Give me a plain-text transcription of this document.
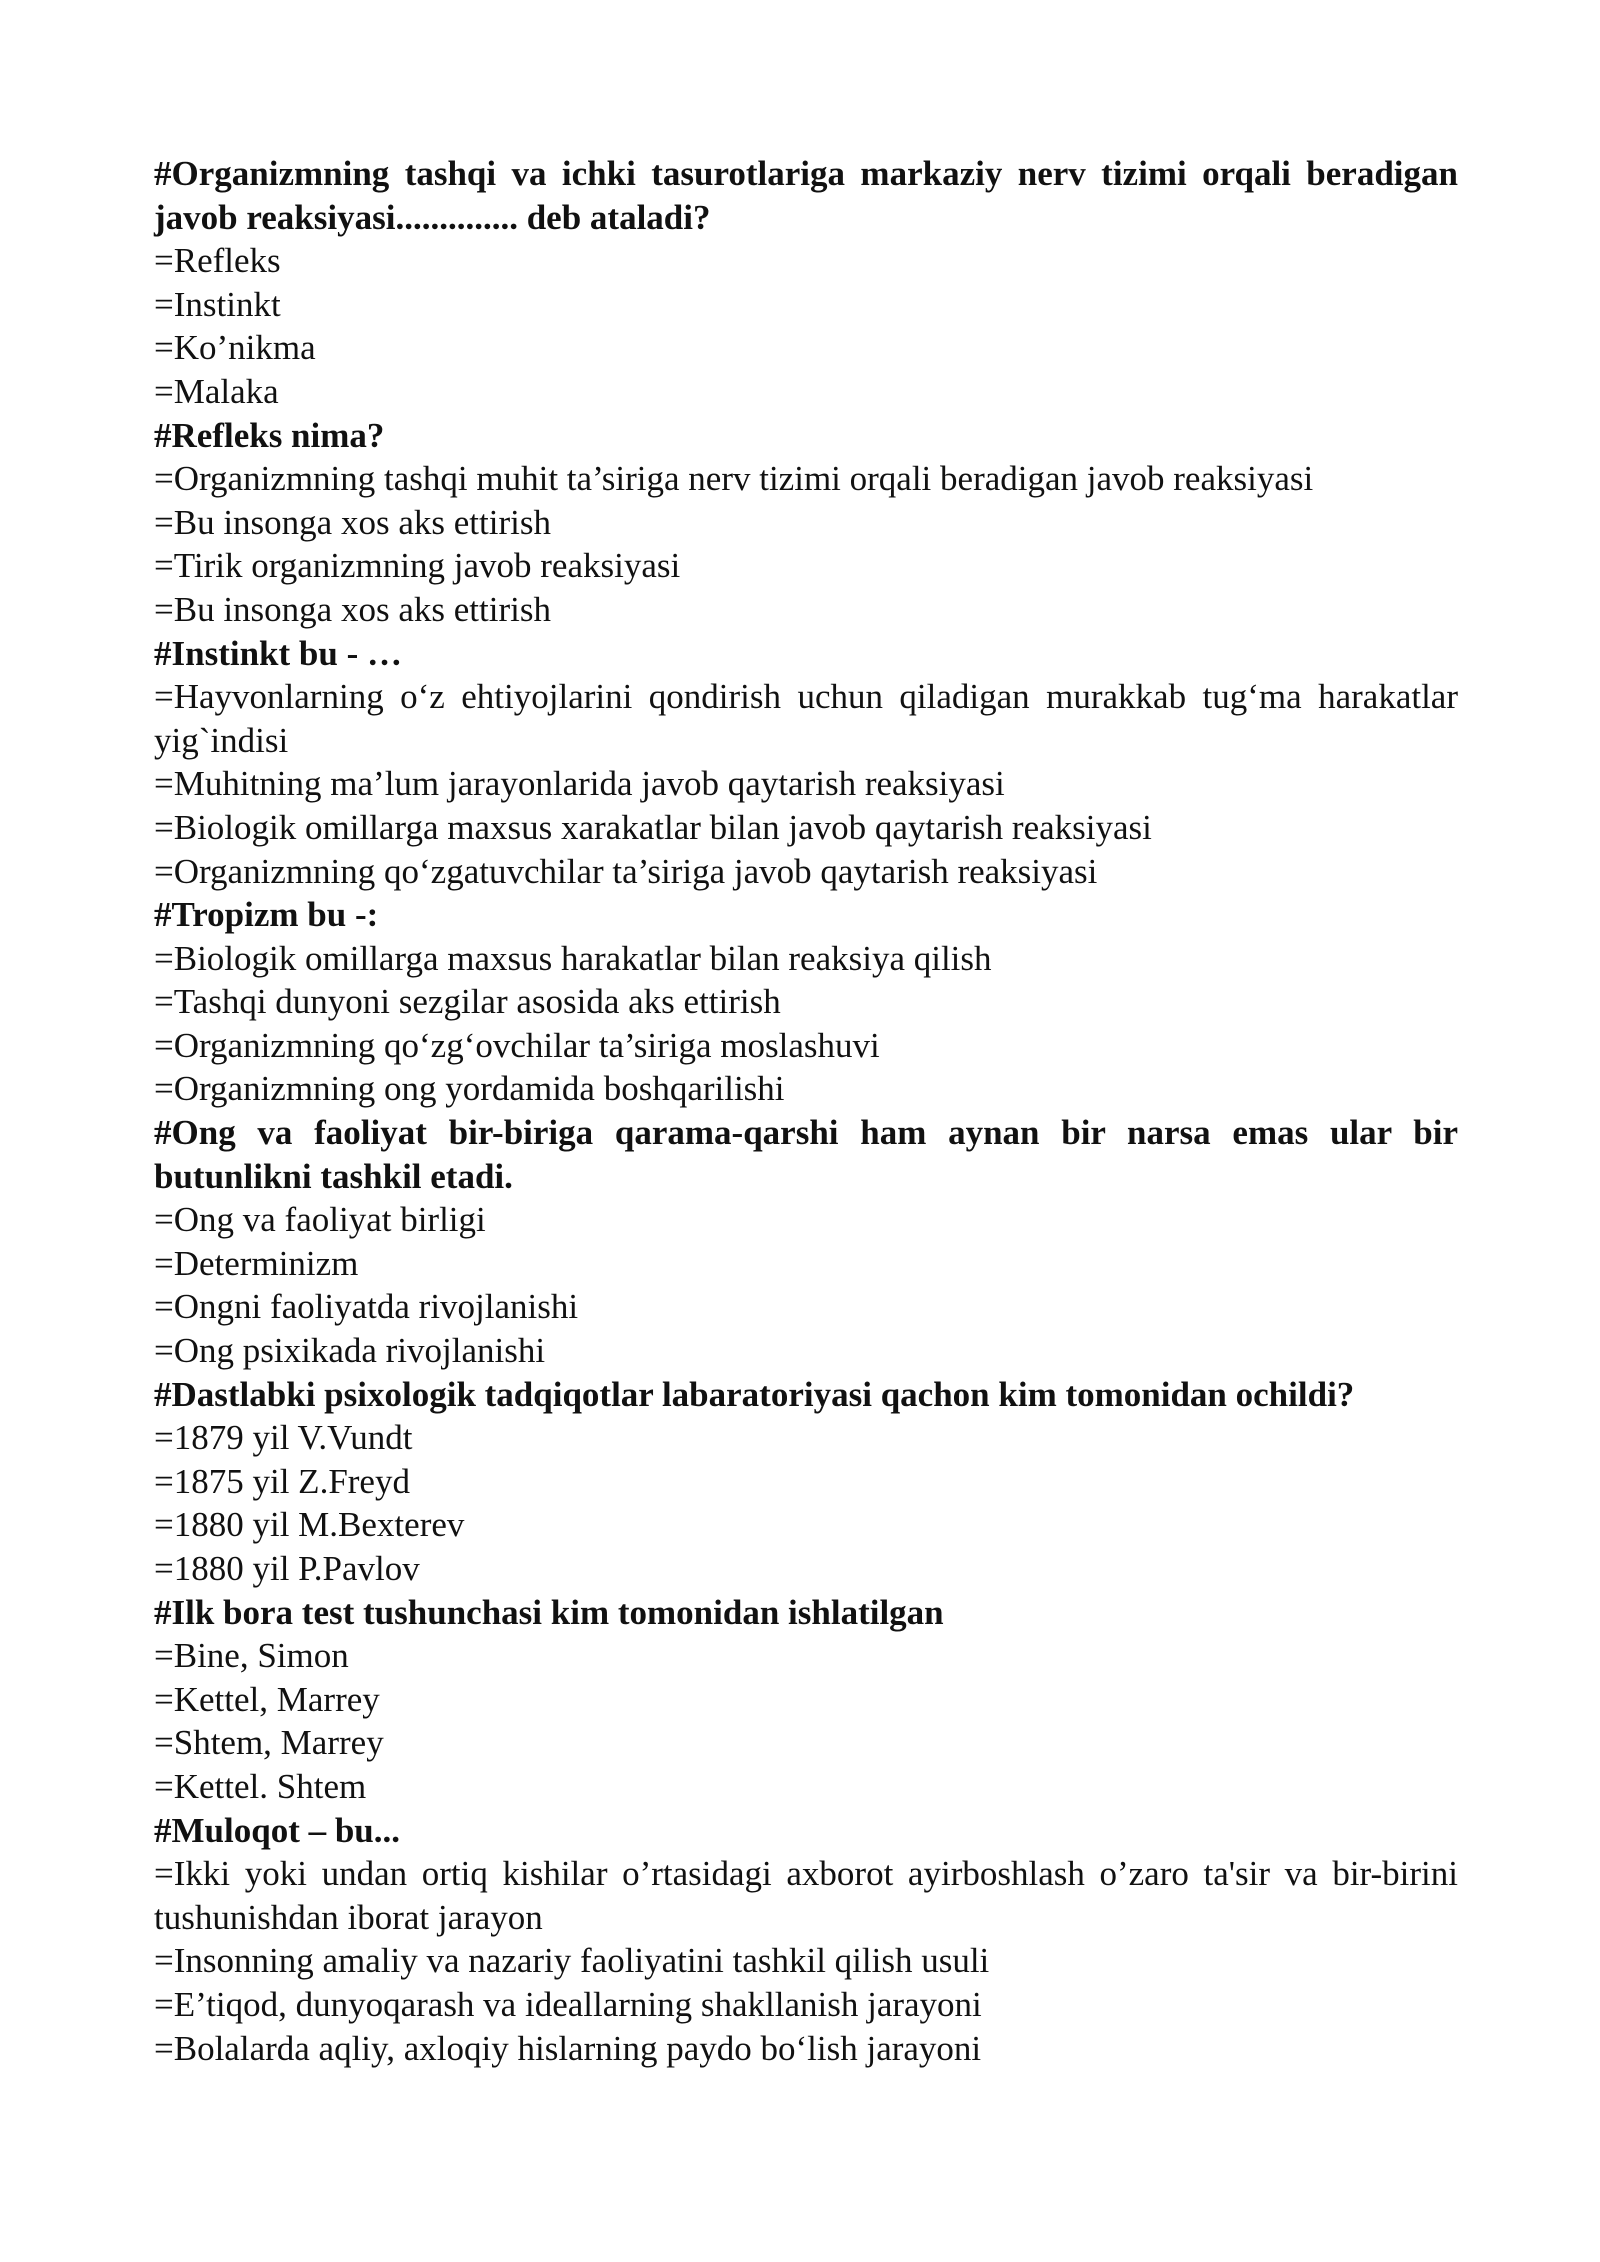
#Organizmning tashqi va ichki tasurotlariga markaziy nerv tizimi orqali beradigan javob reaksiyasi.............. deb ataladi?
=Refleks
=Instinkt
=Ko’nikma
=Malaka
#Refleks nima?
=Organizmning tashqi muhit ta’siriga nerv tizimi orqali beradigan javob reaksiyasi
=Bu insonga xos aks ettirish
=Tirik organizmning javob reaksiyasi
=Bu insonga xos aks ettirish
#Instinkt bu - …
=Hayvonlarning o‘z ehtiyojlarini qondirish uchun qiladigan murakkab tug‘ma harakatlar yig`indisi
=Muhitning ma’lum jarayonlarida javob qaytarish reaksiyasi
=Biologik omillarga maxsus xarakatlar bilan javob qaytarish reaksiyasi
=Organizmning qo‘zgatuvchilar ta’siriga javob qaytarish reaksiyasi
#Tropizm bu -:
=Biologik omillarga maxsus harakatlar bilan reaksiya qilish
=Tashqi dunyoni sezgilar asosida aks ettirish
=Organizmning qo‘zg‘ovchilar ta’siriga moslashuvi
=Organizmning ong yordamida boshqarilishi
#Ong va faoliyat bir-biriga qarama-qarshi ham aynan bir narsa emas ular bir butunlikni tashkil etadi.
=Ong va faoliyat birligi
=Determinizm
=Ongni faoliyatda rivojlanishi
=Ong psixikada rivojlanishi
#Dastlabki psixologik tadqiqotlar labaratoriyasi qachon kim tomonidan ochildi?
=1879 yil V.Vundt
=1875 yil Z.Freyd
=1880 yil M.Bexterev
=1880 yil P.Pavlov
#Ilk bora test tushunchasi kim tomonidan ishlatilgan
=Bine, Simon
=Kettel, Marrey
=Shtem, Marrey
=Kettel. Shtem
#Muloqot – bu...
=Ikki yoki undan ortiq kishilar o’rtasidagi axborot ayirboshlash o’zaro ta'sir va bir-birini tushunishdan iborat jarayon
=Insonning amaliy va nazariy faoliyatini tashkil qilish usuli
=E’tiqod, dunyoqarash va ideallarning shakllanish jarayoni
=Bolalarda aqliy, axloqiy hislarning paydo bo‘lish jarayoni
